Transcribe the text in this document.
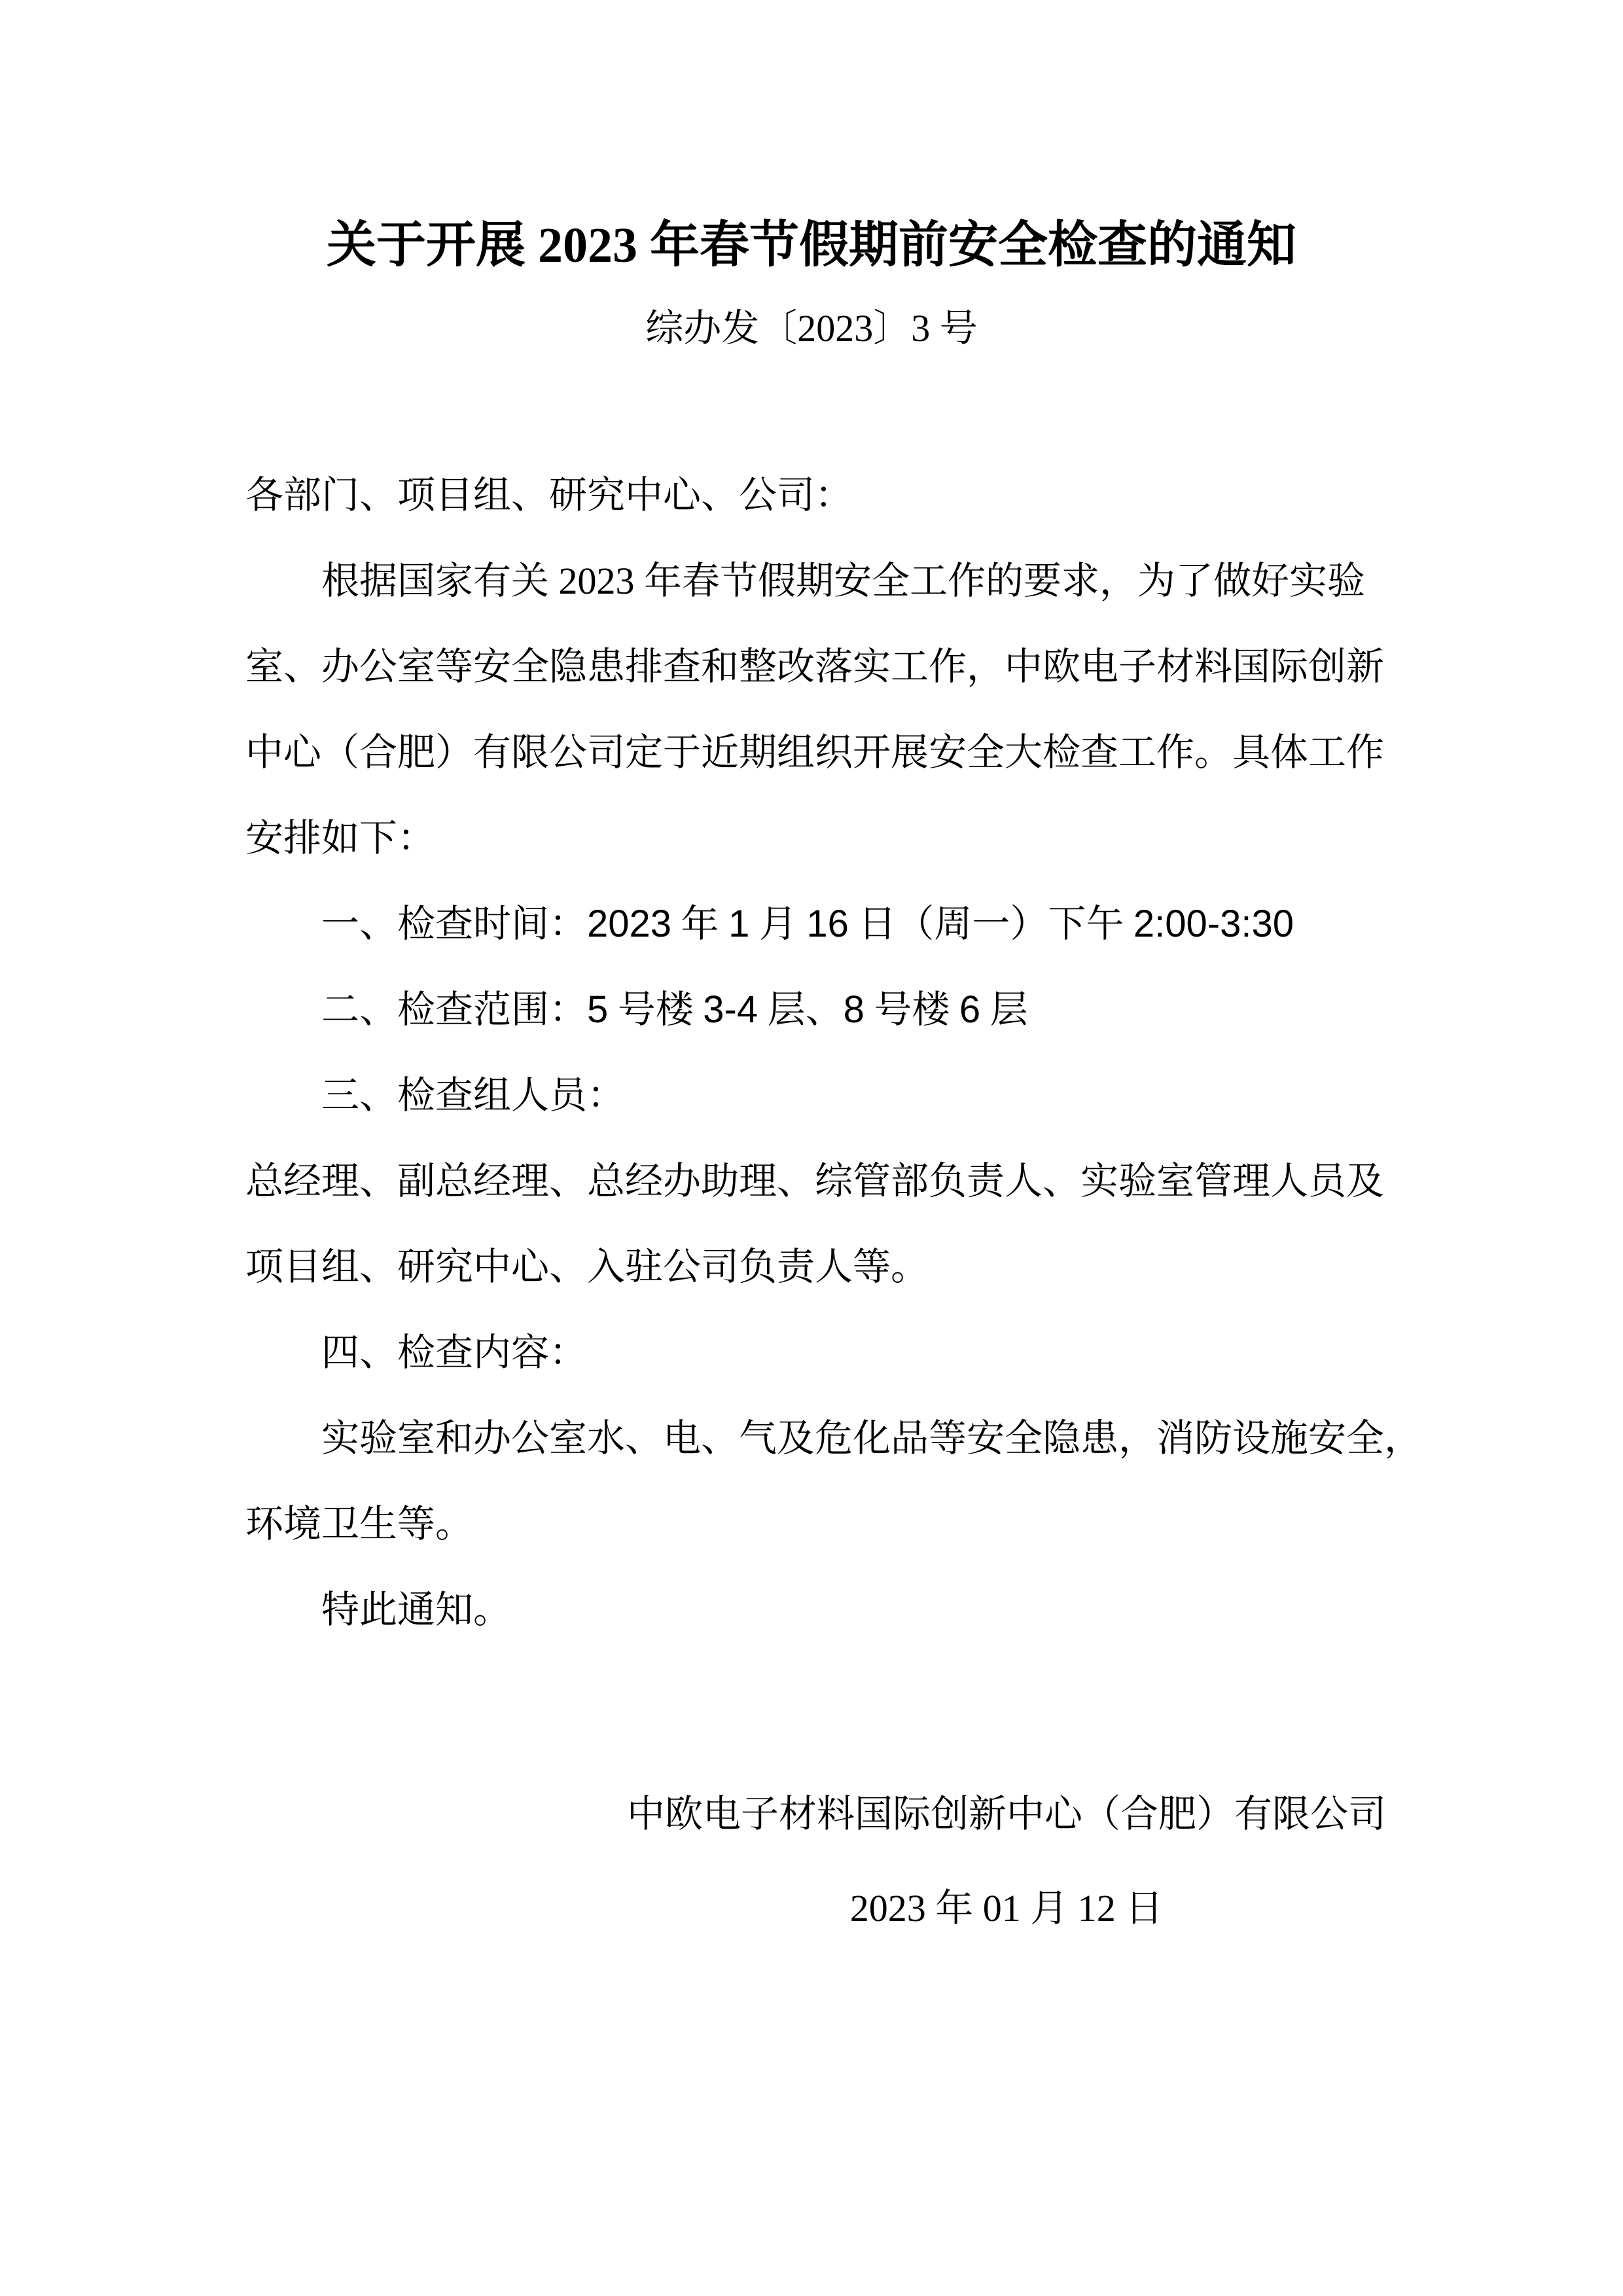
关于开展 2023 年春节假期前安全检查的通知
综办发〔2023〕3 号
各部门、项目组、研究中心、公司：
根据国家有关 2023 年春节假期安全工作的要求，为了做好实验
室、办公室等安全隐患排查和整改落实工作，中欧电子材料国际创新
中心（合肥）有限公司定于近期组织开展安全大检查工作。具体工作
安排如下：
一、检查时间：2023 年 1 月 16 日（周一）下午 2:00-3:30
二、检查范围：5 号楼 3-4 层、8 号楼 6 层
三、检查组人员：
总经理、副总经理、总经办助理、综管部负责人、实验室管理人员及
项目组、研究中心、入驻公司负责人等。
四、检查内容：
实验室和办公室水、电、气及危化品等安全隐患，消防设施安全，
环境卫生等。
特此通知。
中欧电子材料国际创新中心（合肥）有限公司
2023 年 01 月 12 日
